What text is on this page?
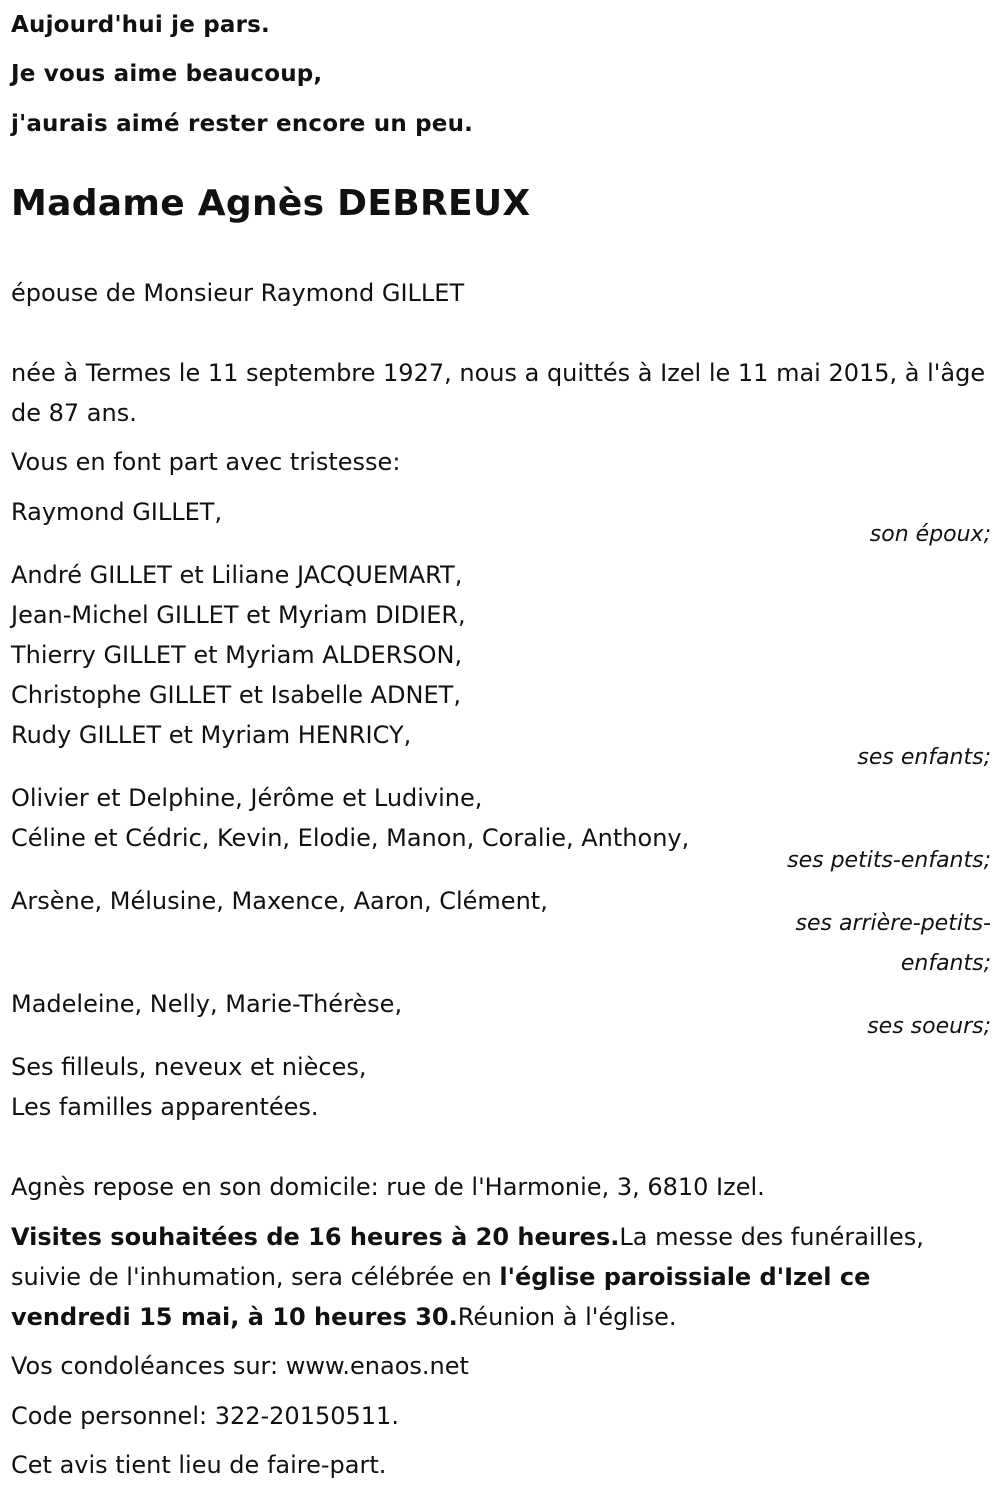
Aujourd'hui je pars.
Je vous aime beaucoup,
j'aurais aimé rester encore un peu.
Madame Agnès DEBREUX
épouse de Monsieur Raymond GILLET
née à Termes le 11 septembre 1927, nous a quittés à Izel le 11 mai 2015, à l'âge de 87 ans.
Vous en font part avec tristesse:
Raymond GILLET,
son époux;
André GILLET et Liliane JACQUEMART,
Jean-Michel GILLET et Myriam DIDIER,
Thierry GILLET et Myriam ALDERSON,
Christophe GILLET et Isabelle ADNET,
Rudy GILLET et Myriam HENRICY,
ses enfants;
Olivier et Delphine, Jérôme et Ludivine,
Céline et Cédric, Kevin, Elodie, Manon, Coralie, Anthony,
ses petits-enfants;
Arsène, Mélusine, Maxence, Aaron, Clément,
ses arrière-petits-
enfants;
Madeleine, Nelly, Marie-Thérèse,
ses soeurs;
Ses filleuls, neveux et nièces,
Les familles apparentées.
Agnès repose en son domicile: rue de l'Harmonie, 3, 6810 Izel.
Visites souhaitées de 16 heures à 20 heures.La messe des funérailles, suivie de l'inhumation, sera célébrée en l'église paroissiale d'Izel ce vendredi 15 mai, à 10 heures 30.Réunion à l'église.
Vos condoléances sur: www.enaos.net
Code personnel: 322-20150511.
Cet avis tient lieu de faire-part.
